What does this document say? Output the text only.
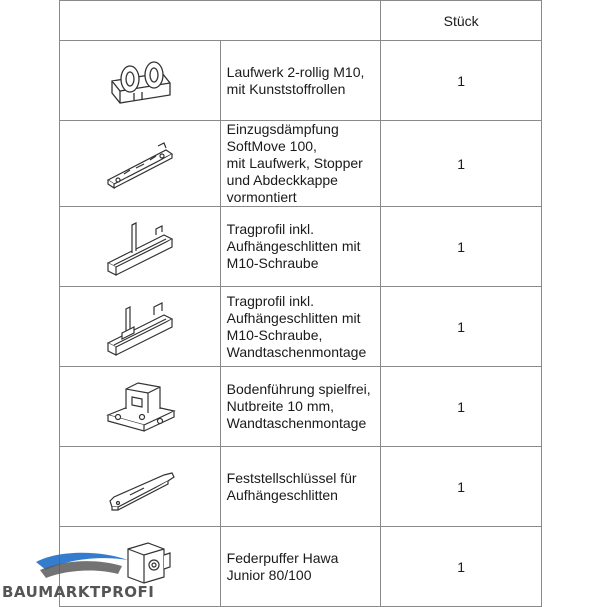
		Stück

Laufwerk 2-rollig M10, mit Kunststoffrollen	1

Einzugsdämpfung SoftMove 100,
mit Laufwerk, Stopper und Abdeckkappe
vormontiert	1

Tragprofil inkl. Aufhängeschlitten mit
M10-Schraube	1

Tragprofil inkl. Aufhängeschlitten mit
M10-Schraube, Wandtaschenmontage	1

Bodenführung spielfrei, Nutbreite 10 mm,
Wandtaschenmontage	1

Feststellschlüssel für Aufhängeschlitten	1

Federpuffer Hawa Junior 80/100	1
BAUMARKTPROFI
